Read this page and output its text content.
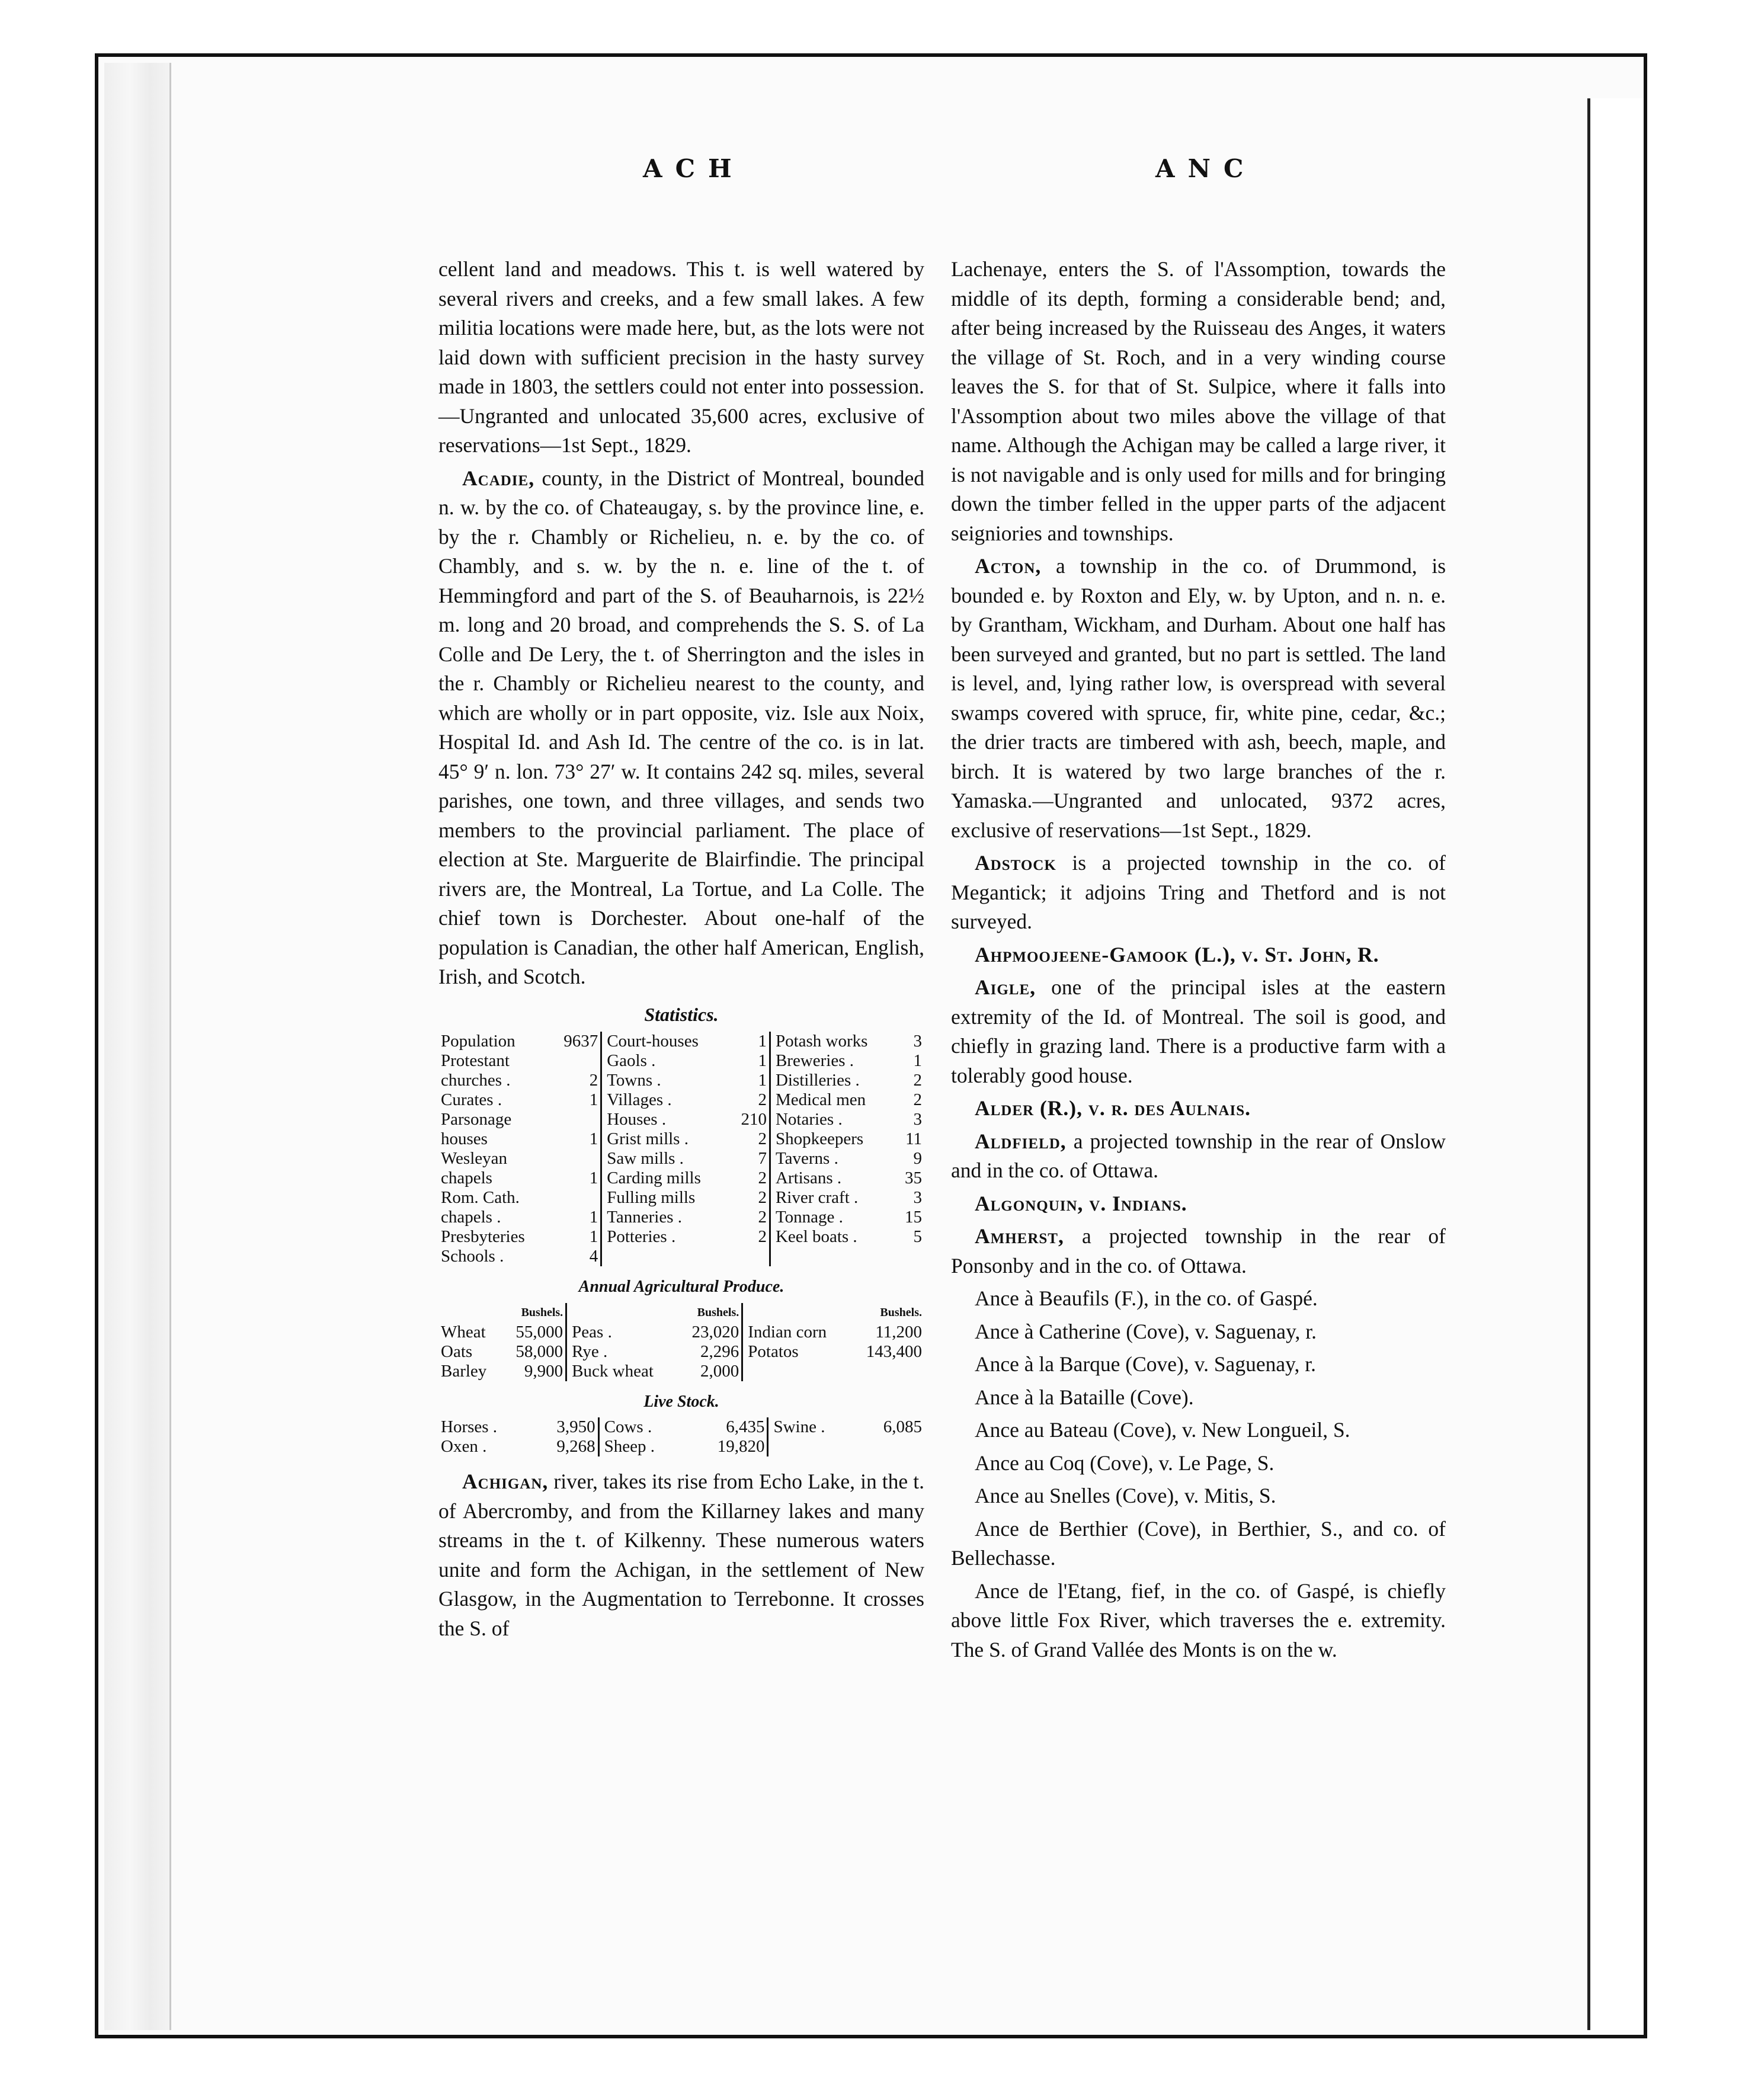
ACH	ANC

cellent land and meadows. This t. is well watered by several rivers and creeks, and a few small lakes. A few militia locations were made here, but, as the lots were not laid down with sufficient precision in the hasty survey made in 1803, the settlers could not enter into possession. —Ungranted and unlocated 35,600 acres, exclusive of reservations—1st Sept., 1829.

Acadie, county, in the District of Montreal, bounded n. w. by the co. of Chateaugay, s. by the province line, e. by the r. Chambly or Richelieu, n. e. by the co. of Chambly, and s. w. by the n. e. line of the t. of Hemmingford and part of the S. of Beauharnois, is 22½ m. long and 20 broad, and comprehends the S. S. of La Colle and De Lery, the t. of Sherrington and the isles in the r. Chambly or Richelieu nearest to the county, and which are wholly or in part opposite, viz. Isle aux Noix, Hospital Id. and Ash Id. The centre of the co. is in lat. 45° 9′ n. lon. 73° 27′ w. It contains 242 sq. miles, several parishes, one town, and three villages, and sends two members to the provincial parliament. The place of election at Ste. Marguerite de Blairfindie. The principal rivers are, the Montreal, La Tortue, and La Colle. The chief town is Dorchester. About one-half of the population is Canadian, the other half American, English, Irish, and Scotch.

Statistics.
Population	9637	Court-houses	1	Potash works	3
Protestant		Gaols .	1	Breweries .	1
churches .	2	Towns .	1	Distilleries .	2
Curates .	1	Villages .	2	Medical men	2
Parsonage		Houses .	210	Notaries .	3
houses	1	Grist mills .	2	Shopkeepers	11
Wesleyan		Saw mills .	7	Taverns .	9
chapels	1	Carding mills	2	Artisans .	35
Rom. Cath.		Fulling mills	2	River craft .	3
chapels .	1	Tanneries .	2	Tonnage .	15
Presbyteries	1	Potteries .	2	Keel boats .	5
Schools .	4				
Annual Agricultural Produce.
	Bushels.		Bushels.		Bushels.
Wheat	55,000	Peas .	23,020	Indian corn	11,200
Oats	58,000	Rye .	2,296	Potatos	143,400
Barley	9,900	Buck wheat	2,000		
Live Stock.
Horses .	3,950	Cows .	6,435	Swine .	6,085
Oxen .	9,268	Sheep .	19,820		

Achigan, river, takes its rise from Echo Lake, in the t. of Abercromby, and from the Killarney lakes and many streams in the t. of Kilkenny. These numerous waters unite and form the Achigan, in the settlement of New Glasgow, in the Augmentation to Terrebonne. It crosses the S. of

Lachenaye, enters the S. of l'Assomption, towards the middle of its depth, forming a considerable bend; and, after being increased by the Ruisseau des Anges, it waters the village of St. Roch, and in a very winding course leaves the S. for that of St. Sulpice, where it falls into l'Assomption about two miles above the village of that name. Although the Achigan may be called a large river, it is not navigable and is only used for mills and for bringing down the timber felled in the upper parts of the adjacent seigniories and townships.

Acton, a township in the co. of Drummond, is bounded e. by Roxton and Ely, w. by Upton, and n. n. e. by Grantham, Wickham, and Durham. About one half has been surveyed and granted, but no part is settled. The land is level, and, lying rather low, is overspread with several swamps covered with spruce, fir, white pine, cedar, &c.; the drier tracts are timbered with ash, beech, maple, and birch. It is watered by two large branches of the r. Yamaska.—Ungranted and unlocated, 9372 acres, exclusive of reservations—1st Sept., 1829.

Adstock is a projected township in the co. of Megantick; it adjoins Tring and Thetford and is not surveyed.

Ahpmoojeene-Gamook (L.), v. St. John, R.

Aigle, one of the principal isles at the eastern extremity of the Id. of Montreal. The soil is good, and chiefly in grazing land. There is a productive farm with a tolerably good house.

Alder (R.), v. r. des Aulnais.

Aldfield, a projected township in the rear of Onslow and in the co. of Ottawa.

Algonquin, v. Indians.

Amherst, a projected township in the rear of Ponsonby and in the co. of Ottawa.

Ance à Beaufils (F.), in the co. of Gaspé.

Ance à Catherine (Cove), v. Saguenay, r.

Ance à la Barque (Cove), v. Saguenay, r.

Ance à la Bataille (Cove).

Ance au Bateau (Cove), v. New Longueil, S.

Ance au Coq (Cove), v. Le Page, S.

Ance au Snelles (Cove), v. Mitis, S.

Ance de Berthier (Cove), in Berthier, S., and co. of Bellechasse.

Ance de l'Etang, fief, in the co. of Gaspé, is chiefly above little Fox River, which traverses the e. extremity. The S. of Grand Vallée des Monts is on the w.
